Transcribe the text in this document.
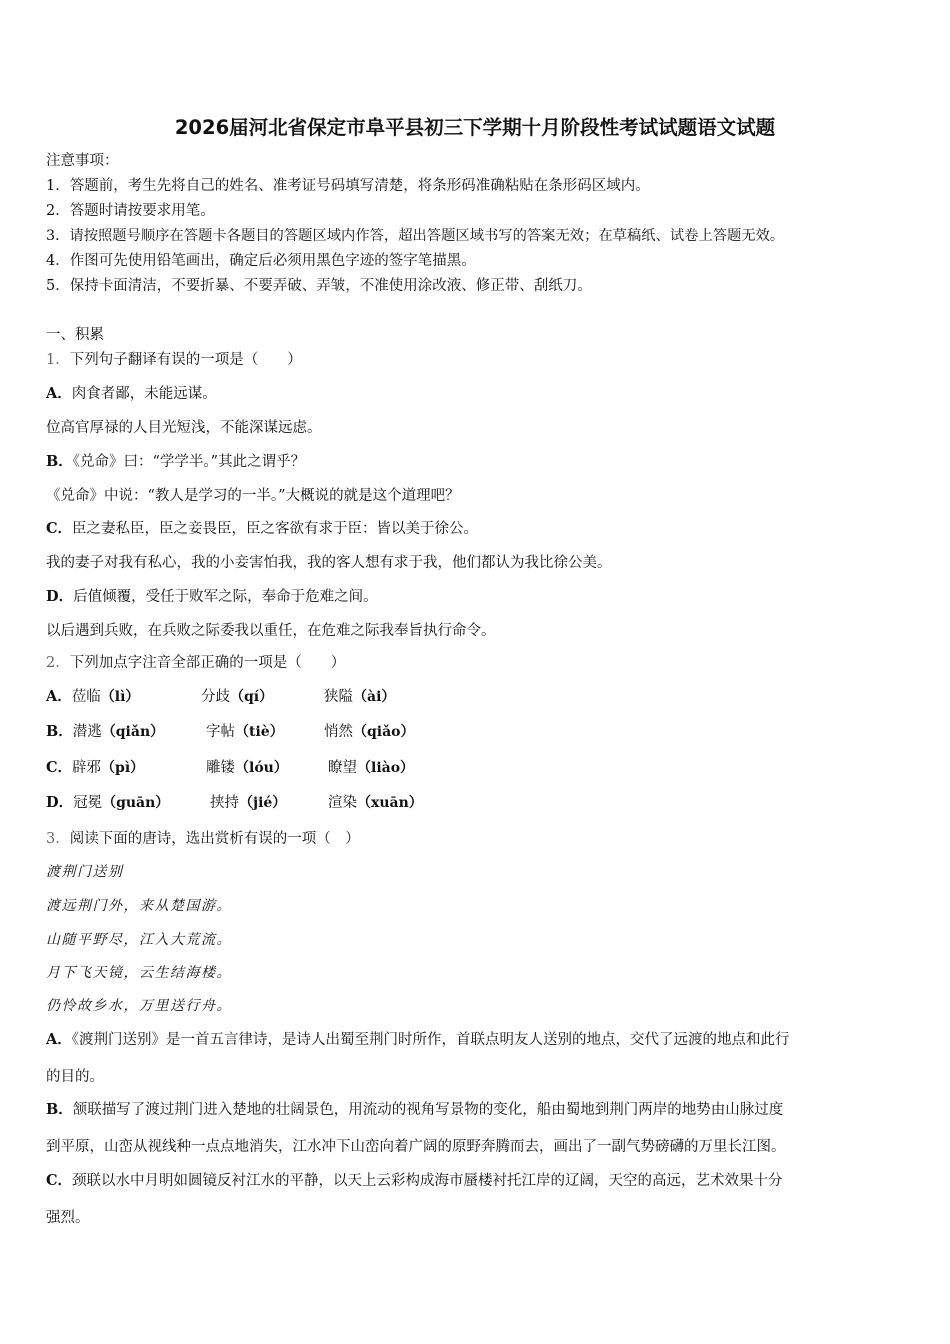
2026届河北省保定市阜平县初三下学期十月阶段性考试试题语文试题
注意事项：
1．答题前，考生先将自己的姓名、准考证号码填写清楚，将条形码准确粘贴在条形码区域内。
2．答题时请按要求用笔。
3．请按照题号顺序在答题卡各题目的答题区域内作答，超出答题区域书写的答案无效；在草稿纸、试卷上答题无效。
4．作图可先使用铅笔画出，确定后必须用黑色字迹的签字笔描黑。
5．保持卡面清洁，不要折暴、不要弄破、弄皱，不准使用涂改液、修正带、刮纸刀。
一、积累
1．下列句子翻译有误的一项是（　　）
A．肉食者鄙，未能远谋。
位高官厚禄的人目光短浅，不能深谋远虑。
B．《兑命》曰：“学学半。”其此之谓乎？
《兑命》中说：“教人是学习的一半。”大概说的就是这个道理吧？
C．臣之妻私臣，臣之妾畏臣，臣之客欲有求于臣：皆以美于徐公。
我的妻子对我有私心，我的小妾害怕我，我的客人想有求于我，他们都认为我比徐公美。
D．后值倾覆，受任于败军之际，奉命于危难之间。
以后遇到兵败，在兵败之际委我以重任，在危难之际我奉旨执行命令。
2．下列加点字注音全部正确的一项是（　　）
A．莅临（lì）	分歧（qí）	狭隘（ài）
B．潜逃（qiǎn）	字帖（tiè）	悄然（qiǎo）
C．辟邪（pì）	雕镂（lóu）	瞭望（liào）
D．冠冕（guān）	挟持（jié）	渲染（xuān）
3．阅读下面的唐诗，选出赏析有误的一项（　）
渡荆门送别
渡远荆门外，来从楚国游。
山随平野尽，江入大荒流。
月下飞天镜，云生结海楼。
仍怜故乡水，万里送行舟。
A．《渡荆门送别》是一首五言律诗，是诗人出蜀至荆门时所作，首联点明友人送别的地点，交代了远渡的地点和此行
的目的。
B．颔联描写了渡过荆门进入楚地的壮阔景色，用流动的视角写景物的变化，船由蜀地到荆门两岸的地势由山脉过度
到平原，山峦从视线种一点点地消失，江水冲下山峦向着广阔的原野奔腾而去，画出了一副气势磅礴的万里长江图。
C．颈联以水中月明如圆镜反衬江水的平静，以天上云彩构成海市蜃楼衬托江岸的辽阔，天空的高远，艺术效果十分
强烈。
